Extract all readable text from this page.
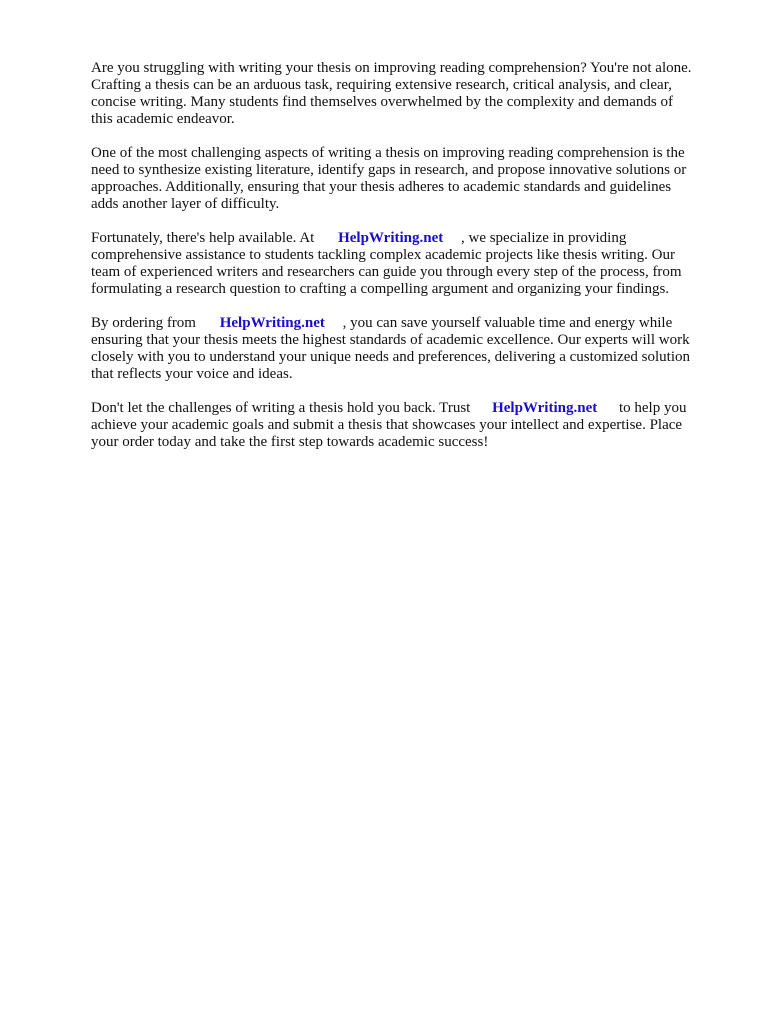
Are you struggling with writing your thesis on improving reading comprehension? You're not alone.
Crafting a thesis can be an arduous task, requiring extensive research, critical analysis, and clear,
concise writing. Many students find themselves overwhelmed by the complexity and demands of
this academic endeavor.

One of the most challenging aspects of writing a thesis on improving reading comprehension is the
need to synthesize existing literature, identify gaps in research, and propose innovative solutions or
approaches. Additionally, ensuring that your thesis adheres to academic standards and guidelines
adds another layer of difficulty.

Fortunately, there's help available. At HelpWriting.net , we specialize in providing
comprehensive assistance to students tackling complex academic projects like thesis writing. Our
team of experienced writers and researchers can guide you through every step of the process, from
formulating a research question to crafting a compelling argument and organizing your findings.

By ordering from HelpWriting.net , you can save yourself valuable time and energy while
ensuring that your thesis meets the highest standards of academic excellence. Our experts will work
closely with you to understand your unique needs and preferences, delivering a customized solution
that reflects your voice and ideas.

Don't let the challenges of writing a thesis hold you back. Trust HelpWriting.net to help you
achieve your academic goals and submit a thesis that showcases your intellect and expertise. Place
your order today and take the first step towards academic success!
